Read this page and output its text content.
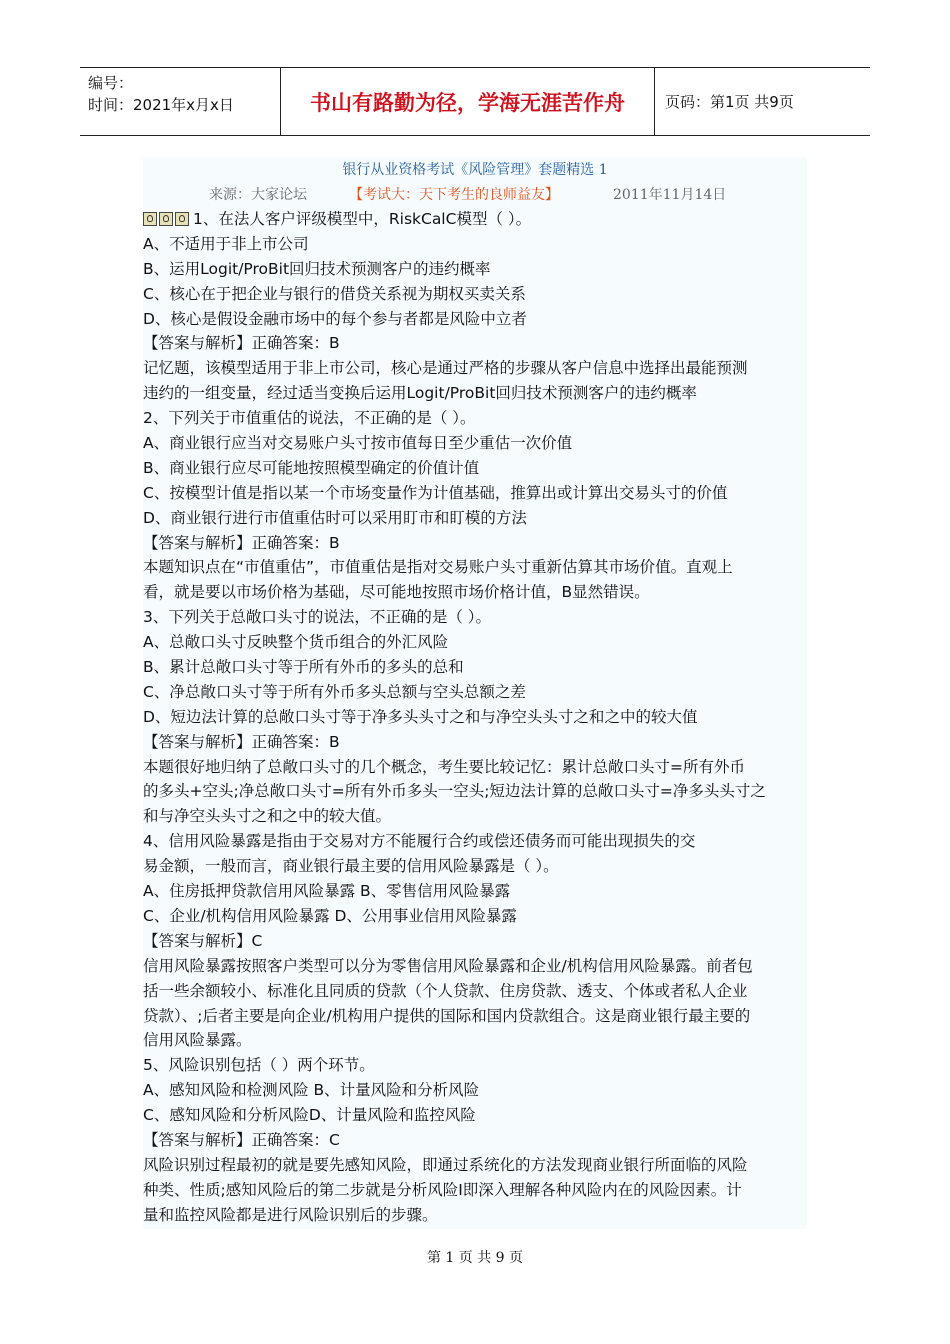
编号：
时间：2021年x月x日	书山有路勤为径，学海无涯苦作舟	页码：第1页 共9页
银行从业资格考试《风险管理》套题精选 1
来源：大家论坛	【考试大：天下考生的良师益友】	2011年11月14日
1、在法人客户评级模型中，RiskCalC模型（ ）。
A、不适用于非上市公司
B、运用Logit/ProBit回归技术预测客户的违约概率
C、核心在于把企业与银行的借贷关系视为期权买卖关系
D、核心是假设金融市场中的每个参与者都是风险中立者
【答案与解析】正确答案：B
记忆题，该模型适用于非上市公司，核心是通过严格的步骤从客户信息中选择出最能预测
违约的一组变量，经过适当变换后运用Logit/ProBit回归技术预测客户的违约概率
2、下列关于市值重估的说法，不正确的是（ ）。
A、商业银行应当对交易账户头寸按市值每日至少重估一次价值
B、商业银行应尽可能地按照模型确定的价值计值
C、按模型计值是指以某一个市场变量作为计值基础，推算出或计算出交易头寸的价值
D、商业银行进行市值重估时可以采用盯市和盯模的方法
【答案与解析】正确答案：B
本题知识点在“市值重估”，市值重估是指对交易账户头寸重新估算其市场价值。直观上
看，就是要以市场价格为基础，尽可能地按照市场价格计值，B显然错误。
3、下列关于总敞口头寸的说法，不正确的是（ ）。
A、总敞口头寸反映整个货币组合的外汇风险
B、累计总敞口头寸等于所有外币的多头的总和
C、净总敞口头寸等于所有外币多头总额与空头总额之差
D、短边法计算的总敞口头寸等于净多头头寸之和与净空头头寸之和之中的较大值
【答案与解析】正确答案：B
本题很好地归纳了总敞口头寸的几个概念，考生要比较记忆：累计总敞口头寸=所有外币
的多头+空头;净总敞口头寸=所有外币多头一空头;短边法计算的总敞口头寸=净多头头寸之
和与净空头头寸之和之中的较大值。
4、信用风险暴露是指由于交易对方不能履行合约或偿还债务而可能出现损失的交
易金额，一般而言，商业银行最主要的信用风险暴露是（ ）。
A、住房抵押贷款信用风险暴露 B、零售信用风险暴露
C、企业/机构信用风险暴露 D、公用事业信用风险暴露
【答案与解析】C
信用风险暴露按照客户类型可以分为零售信用风险暴露和企业/机构信用风险暴露。前者包
括一些余额较小、标准化且同质的贷款（个人贷款、住房贷款、透支、个体或者私人企业
贷款）、;后者主要是向企业/机构用户提供的国际和国内贷款组合。这是商业银行最主要的
信用风险暴露。
5、风险识别包括（ ）两个环节。
A、感知风险和检测风险 B、计量风险和分析风险
C、感知风险和分析风险D、计量风险和监控风险
【答案与解析】正确答案：C
风险识别过程最初的就是要先感知风险，即通过系统化的方法发现商业银行所面临的风险
种类、性质;感知风险后的第二步就是分析风险I即深入理解各种风险内在的风险因素。计
量和监控风险都是进行风险识别后的步骤。
第 1 页 共 9 页
